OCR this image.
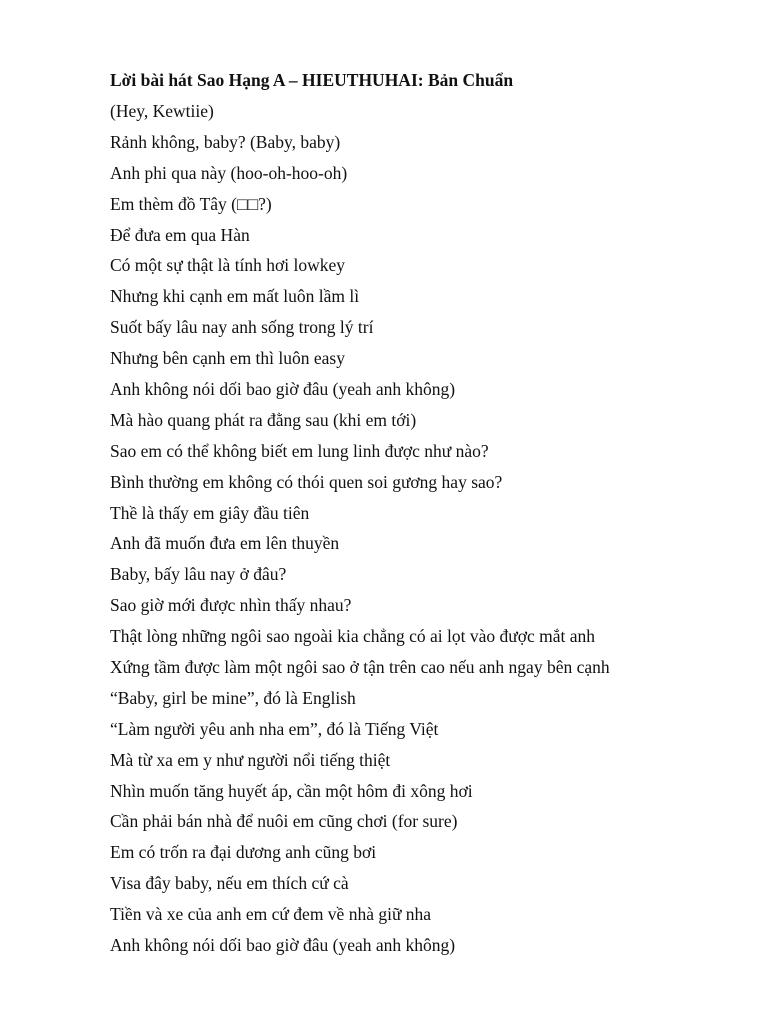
Lời bài hát Sao Hạng A – HIEUTHUHAI: Bản Chuẩn
(Hey, Kewtiie)
Rảnh không, baby? (Baby, baby)
Anh phi qua này (hoo-oh-hoo-oh)
Em thèm đồ Tây (□□?)
Để đưa em qua Hàn
Có một sự thật là tính hơi lowkey
Nhưng khi cạnh em mất luôn lầm lì
Suốt bấy lâu nay anh sống trong lý trí
Nhưng bên cạnh em thì luôn easy
Anh không nói dối bao giờ đâu (yeah anh không)
Mà hào quang phát ra đằng sau (khi em tới)
Sao em có thể không biết em lung linh được như nào?
Bình thường em không có thói quen soi gương hay sao?
Thề là thấy em giây đầu tiên
Anh đã muốn đưa em lên thuyền
Baby, bấy lâu nay ở đâu?
Sao giờ mới được nhìn thấy nhau?
Thật lòng những ngôi sao ngoài kia chẳng có ai lọt vào được mắt anh
Xứng tầm được làm một ngôi sao ở tận trên cao nếu anh ngay bên cạnh
“Baby, girl be mine”, đó là English
“Làm người yêu anh nha em”, đó là Tiếng Việt
Mà từ xa em y như người nổi tiếng thiệt
Nhìn muốn tăng huyết áp, cần một hôm đi xông hơi
Cần phải bán nhà để nuôi em cũng chơi (for sure)
Em có trốn ra đại dương anh cũng bơi
Visa đây baby, nếu em thích cứ cà
Tiền và xe của anh em cứ đem về nhà giữ nha
Anh không nói dối bao giờ đâu (yeah anh không)
